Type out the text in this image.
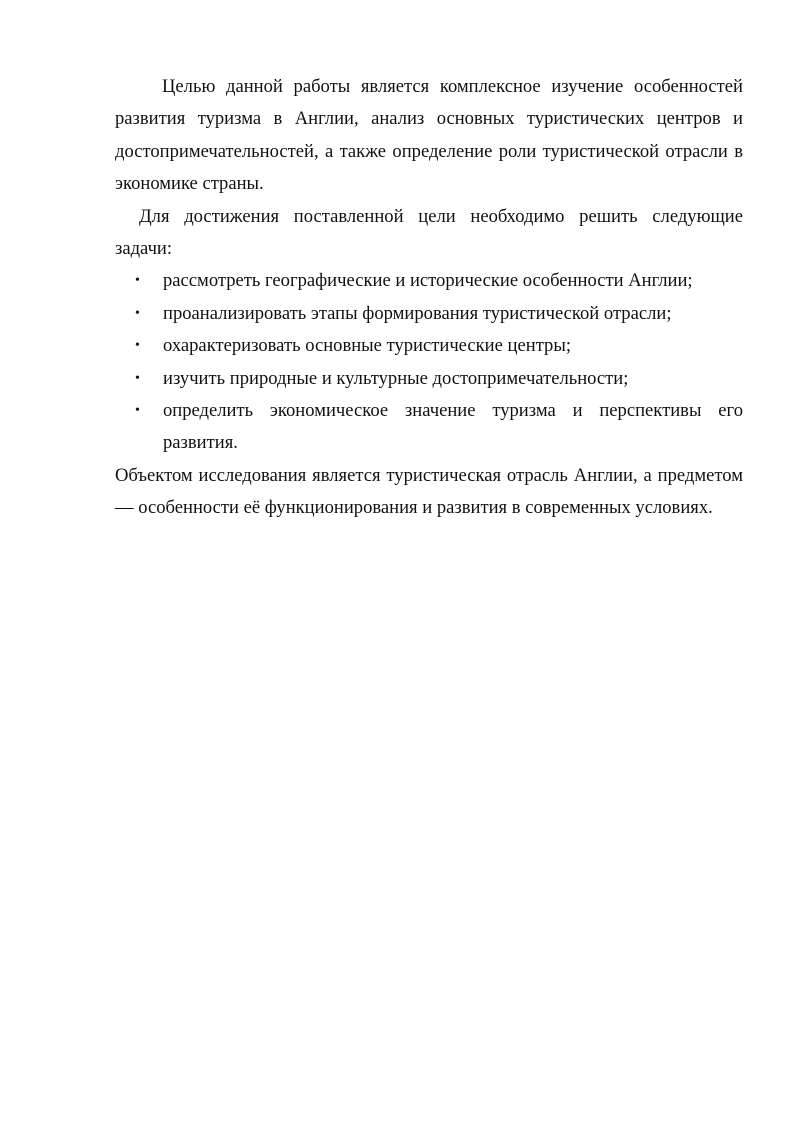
Целью данной работы является комплексное изучение особенностей развития туризма в Англии, анализ основных туристических центров и достопримечательностей, а также определение роли туристической отрасли в экономике страны.

Для достижения поставленной цели необходимо решить следующие задачи:

•	рассмотреть географические и исторические особенности Англии;
•	проанализировать этапы формирования туристической отрасли;
•	охарактеризовать основные туристические центры;
•	изучить природные и культурные достопримечательности;
•	определить экономическое значение туризма и перспективы его развития.

Объектом исследования является туристическая отрасль Англии, а предметом — особенности её функционирования и развития в современных условиях.
